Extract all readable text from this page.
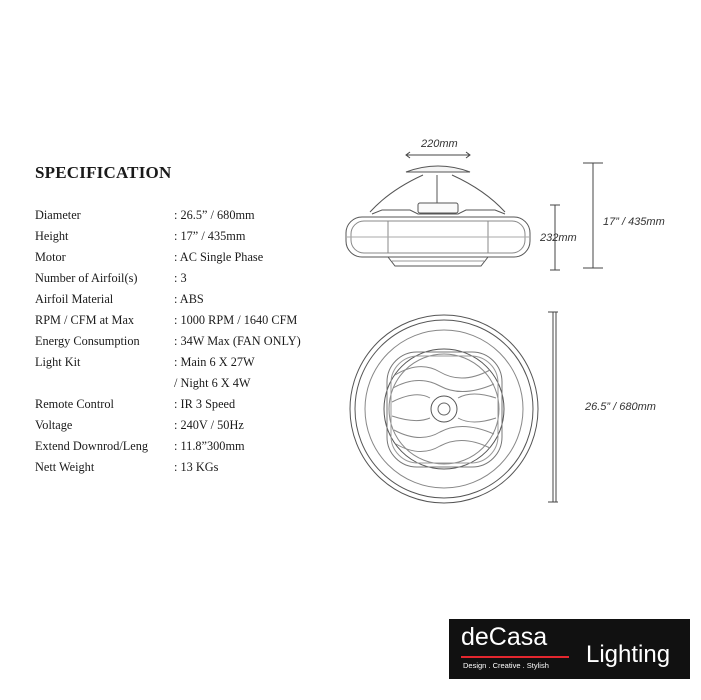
SPECIFICATION
Diameter	: 26.5” / 680mm
Height	: 17” / 435mm
Motor	: AC Single Phase
Number of Airfoil(s)	: 3
Airfoil Material	: ABS
RPM / CFM at Max	: 1000 RPM / 1640 CFM
Energy Consumption	: 34W Max (FAN ONLY)
Light Kit	: Main 6 X 27W
/ Night 6 X 4W
Remote Control	: IR 3 Speed
Voltage	: 240V / 50Hz
Extend Downrod/Leng	: 11.8”300mm
Nett Weight	: 13 KGs
220mm
232mm
17” / 435mm
26.5” / 680mm
deCasa
Design . Creative . Stylish Lighting
